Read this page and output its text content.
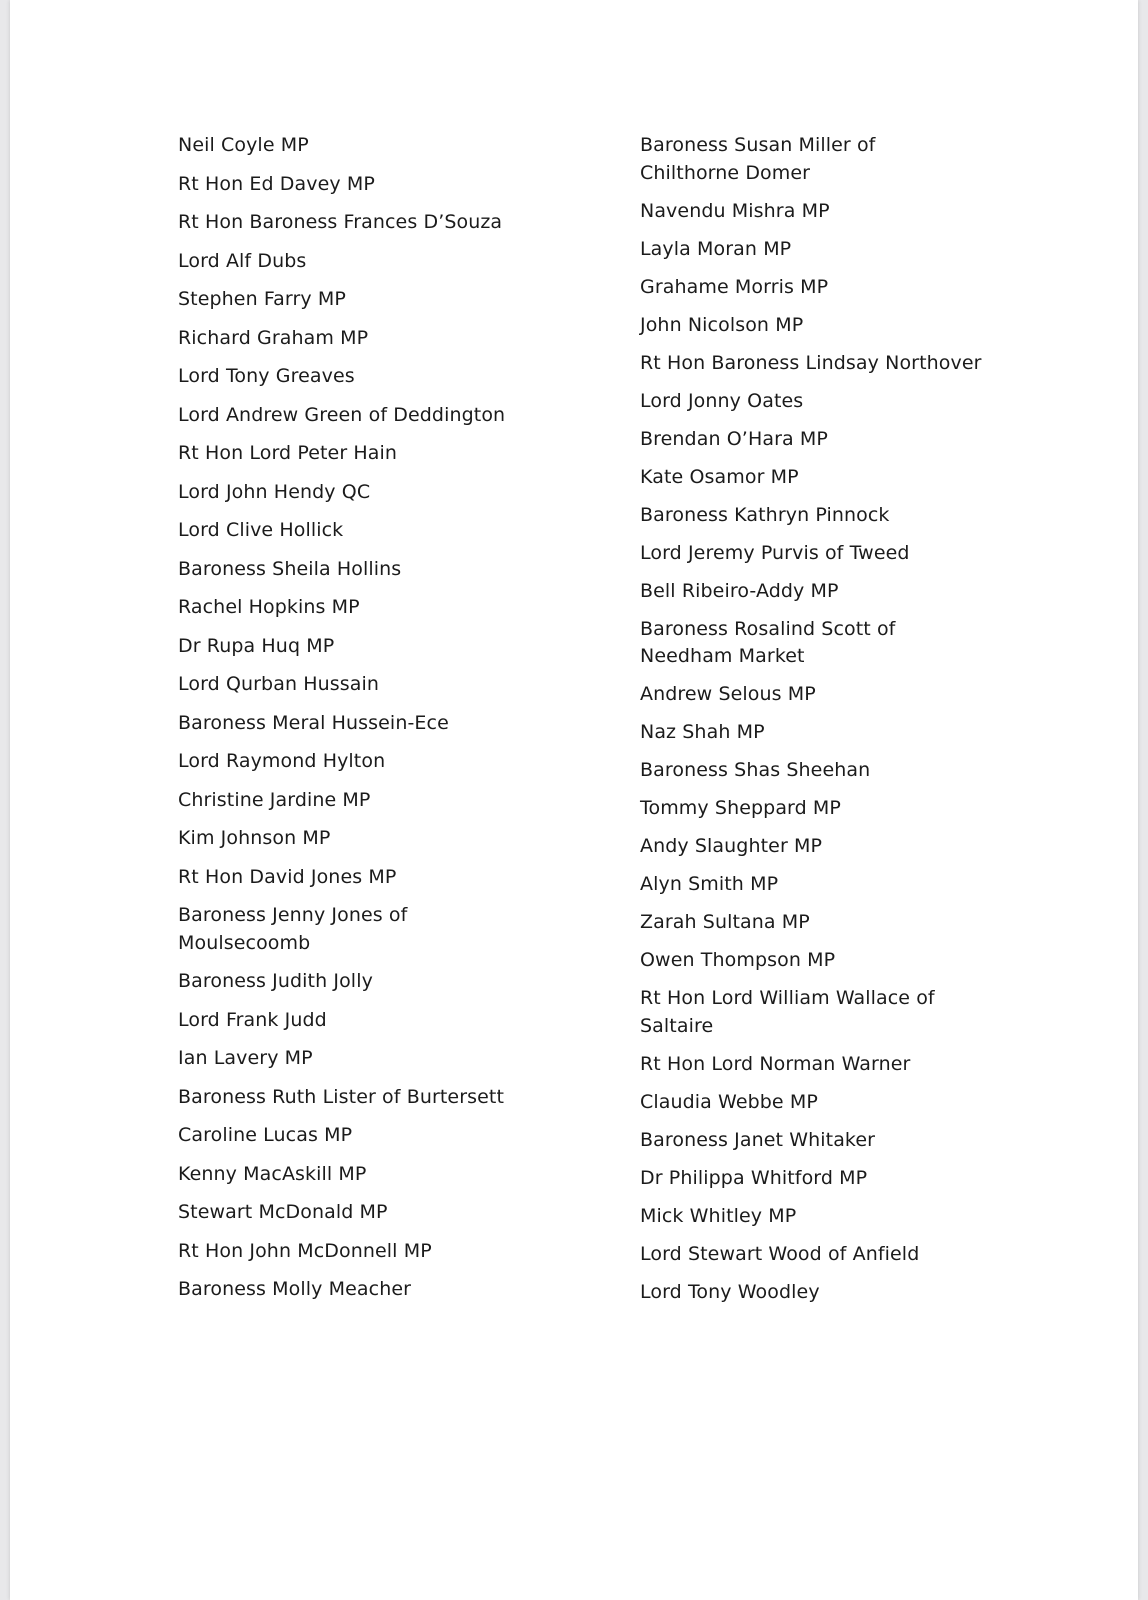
Neil Coyle MP
Rt Hon Ed Davey MP
Rt Hon Baroness Frances D’Souza
Lord Alf Dubs
Stephen Farry MP
Richard Graham MP
Lord Tony Greaves
Lord Andrew Green of Deddington
Rt Hon Lord Peter Hain
Lord John Hendy QC
Lord Clive Hollick
Baroness Sheila Hollins
Rachel Hopkins MP
Dr Rupa Huq MP
Lord Qurban Hussain
Baroness Meral Hussein-Ece
Lord Raymond Hylton
Christine Jardine MP
Kim Johnson MP
Rt Hon David Jones MP
Baroness Jenny Jones of Moulsecoomb
Baroness Judith Jolly
Lord Frank Judd
Ian Lavery MP
Baroness Ruth Lister of Burtersett
Caroline Lucas MP
Kenny MacAskill MP
Stewart McDonald MP
Rt Hon John McDonnell MP
Baroness Molly Meacher
Baroness Susan Miller of Chilthorne Domer
Navendu Mishra MP
Layla Moran MP
Grahame Morris MP
John Nicolson MP
Rt Hon Baroness Lindsay Northover
Lord Jonny Oates
Brendan O’Hara MP
Kate Osamor MP
Baroness Kathryn Pinnock
Lord Jeremy Purvis of Tweed
Bell Ribeiro-Addy MP
Baroness Rosalind Scott of Needham Market
Andrew Selous MP
Naz Shah MP
Baroness Shas Sheehan
Tommy Sheppard MP
Andy Slaughter MP
Alyn Smith MP
Zarah Sultana MP
Owen Thompson MP
Rt Hon Lord William Wallace of Saltaire
Rt Hon Lord Norman Warner
Claudia Webbe MP
Baroness Janet Whitaker
Dr Philippa Whitford MP
Mick Whitley MP
Lord Stewart Wood of Anfield
Lord Tony Woodley
